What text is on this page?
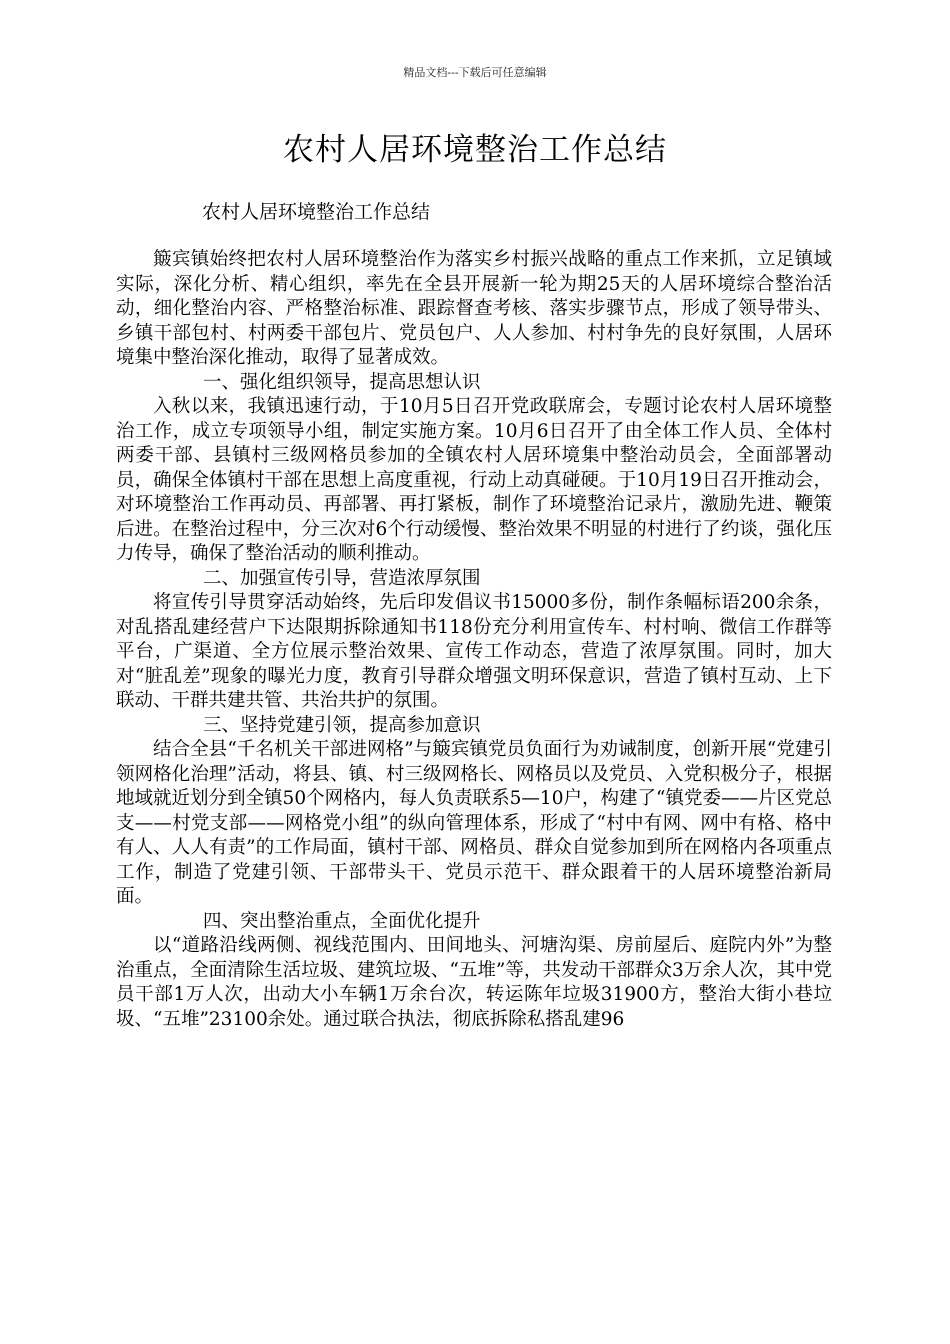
精品文档---下载后可任意编辑
农村人居环境整治工作总结

农村人居环境整治工作总结

簸宾镇始终把农村人居环境整治作为落实乡村振兴战略的重点工作来抓，立足镇域实际，深化分析、精心组织，率先在全县开展新一轮为期25天的人居环境综合整治活动，细化整治内容、严格整治标准、跟踪督查考核、落实步骤节点，形成了领导带头、乡镇干部包村、村两委干部包片、党员包户、人人参加、村村争先的良好氛围，人居环境集中整治深化推动，取得了显著成效。

一、强化组织领导，提高思想认识

入秋以来，我镇迅速行动，于10月5日召开党政联席会，专题讨论农村人居环境整治工作，成立专项领导小组，制定实施方案。10月6日召开了由全体工作人员、全体村两委干部、县镇村三级网格员参加的全镇农村人居环境集中整治动员会，全面部署动员，确保全体镇村干部在思想上高度重视，行动上动真碰硬。于10月19日召开推动会，对环境整治工作再动员、再部署、再打紧板，制作了环境整治记录片，激励先进、鞭策后进。在整治过程中，分三次对6个行动缓慢、整治效果不明显的村进行了约谈，强化压力传导，确保了整治活动的顺利推动。

二、加强宣传引导，营造浓厚氛围

将宣传引导贯穿活动始终，先后印发倡议书15000多份，制作条幅标语200余条，对乱搭乱建经营户下达限期拆除通知书118份充分利用宣传车、村村响、微信工作群等平台，广渠道、全方位展示整治效果、宣传工作动态，营造了浓厚氛围。同时，加大对“脏乱差”现象的曝光力度，教育引导群众增强文明环保意识，营造了镇村互动、上下联动、干群共建共管、共治共护的氛围。

三、坚持党建引领，提高参加意识

结合全县“千名机关干部进网格”与簸宾镇党员负面行为劝诫制度，创新开展“党建引领网格化治理”活动，将县、镇、村三级网格长、网格员以及党员、入党积极分子，根据地域就近划分到全镇50个网格内，每人负责联系5—10户，构建了“镇党委——片区党总支——村党支部——网格党小组”的纵向管理体系，形成了“村中有网、网中有格、格中有人、人人有责”的工作局面，镇村干部、网格员、群众自觉参加到所在网格内各项重点工作，制造了党建引领、干部带头干、党员示范干、群众跟着干的人居环境整治新局面。

四、突出整治重点，全面优化提升

以“道路沿线两侧、视线范围内、田间地头、河塘沟渠、房前屋后、庭院内外”为整治重点，全面清除生活垃圾、建筑垃圾、“五堆”等，共发动干部群众3万余人次，其中党员干部1万人次，出动大小车辆1万余台次，转运陈年垃圾31900方，整治大街小巷垃圾、“五堆”23100余处。通过联合执法，彻底拆除私搭乱建96
